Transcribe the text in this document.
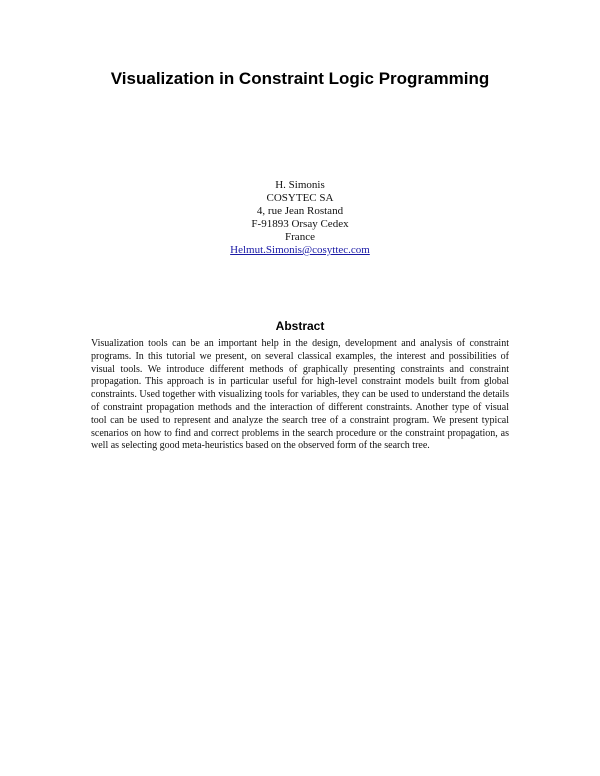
Visualization in Constraint Logic Programming
H. Simonis
COSYTEC SA
4, rue Jean Rostand
F-91893 Orsay Cedex
France
Helmut.Simonis@cosyttec.com
Abstract

Visualization tools can be an important help in the design, development and analysis of constraint programs. In this tutorial we present, on several classical examples, the interest and possibilities of visual tools. We introduce different methods of graphically presenting constraints and constraint propagation. This approach is in particular useful for high-level constraint models built from global constraints. Used together with visualizing tools for variables, they can be used to understand the details of constraint propagation methods and the interaction of different constraints. Another type of visual tool can be used to represent and analyze the search tree of a constraint program. We present typical scenarios on how to find and correct problems in the search procedure or the constraint propagation, as well as selecting good meta-heuristics based on the observed form of the search tree.
